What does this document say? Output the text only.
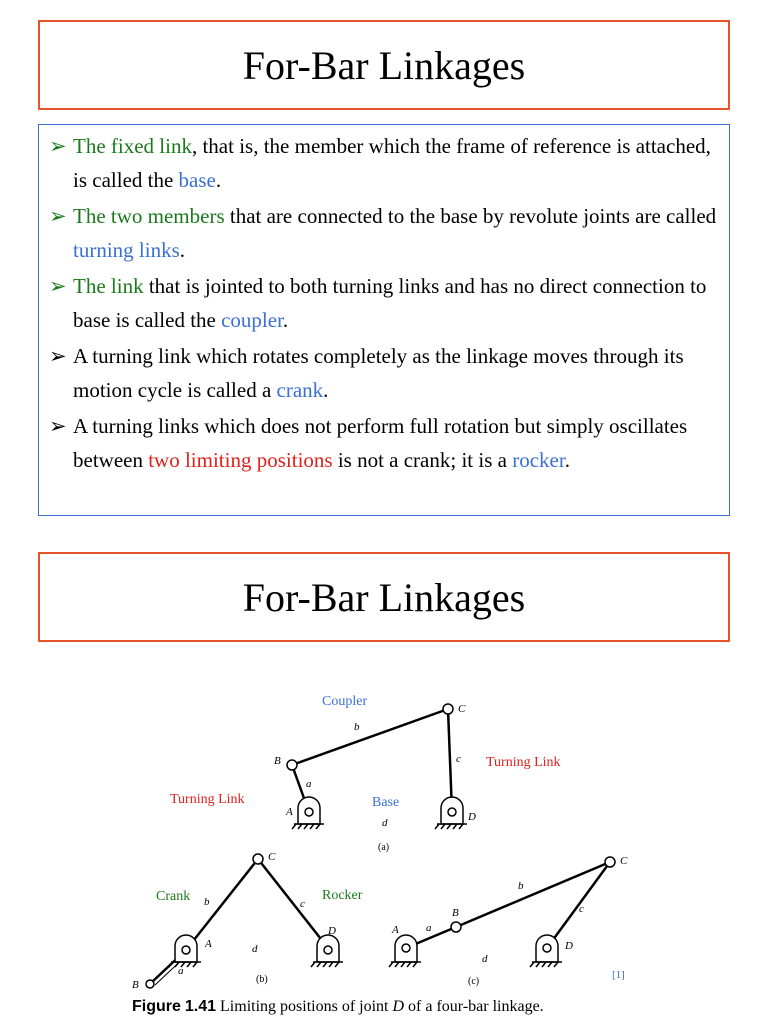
For-Bar Linkages
➢ The fixed link, that is, the member which the frame of reference is attached, is called the base.
➢ The two members that are connected to the base by revolute joints are called turning links.
➢ The link that is jointed to both turning links and has no direct connection to base is called the coupler.
➢ A turning link which rotates completely as the linkage moves through its motion cycle is called a crank.
➢ A turning links which does not perform full rotation but simply oscillates between two limiting positions is not a crank; it is a rocker.
For-Bar Linkages
B
C
A	D
a
b
c
d
(a)
Coupler
Turning Link
Turning Link	Base
Crank	Rocker
C
A
D
B
a
b	c
d
(b)
C
B
A
D
a
b
c
d
(c)
[1]
Figure 1.41 Limiting positions of joint D of a four-bar linkage.
